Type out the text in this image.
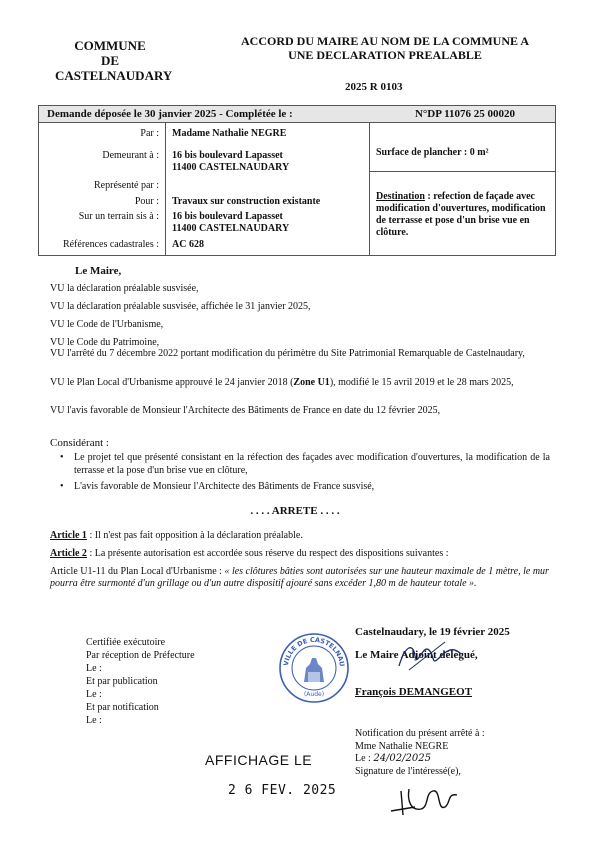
COMMUNE
DE
CASTELNAUDARY
ACCORD DU MAIRE AU NOM DE LA COMMUNE A
UNE DECLARATION PREALABLE
2025 R 0103
Demande déposée le 30 janvier 2025 - Complétée le :	N°DP 11076 25 00020
Par : Madame Nathalie NEGRE
Demeurant à : 16 bis boulevard Lapasset
11400 CASTELNAUDARY
Représenté par :
Pour : Travaux sur construction existante
Sur un terrain sis à : 16 bis boulevard Lapasset
11400 CASTELNAUDARY
Références cadastrales : AC 628
Surface de plancher : 0 m²
Destination : refection de façade avec modification d'ouvertures, modification de terrasse et pose d'un brise vue en clôture.
Le Maire,
VU la déclaration préalable susvisée,
VU la déclaration préalable susvisée, affichée le 31 janvier 2025,
VU le Code de l'Urbanisme,
VU le Code du Patrimoine,
VU l'arrêté du 7 décembre 2022 portant modification du périmètre du Site Patrimonial Remarquable de Castelnaudary,
VU le Plan Local d'Urbanisme approuvé le 24 janvier 2018 (Zone U1), modifié le 15 avril 2019 et le 28 mars 2025,
VU l'avis favorable de Monsieur l'Architecte des Bâtiments de France en date du 12 février 2025,
Considérant :
• Le projet tel que présenté consistant en la réfection des façades avec modification d'ouvertures, la modification de la terrasse et la pose d'un brise vue en clôture,
• L'avis favorable de Monsieur l'Architecte des Bâtiments de France susvisé,
. . . . ARRETE . . . .
Article 1 : Il n'est pas fait opposition à la déclaration préalable.
Article 2 : La présente autorisation est accordée sous réserve du respect des dispositions suivantes :
Article U1-11 du Plan Local d'Urbanisme : « les clôtures bâties sont autorisées sur une hauteur maximale de 1 mètre, le mur pourra être surmonté d'un grillage ou d'un autre dispositif ajouré sans excéder 1,80 m de hauteur totale ».
Certifiée exécutoire
Par réception de Préfecture
Le :
Et par publication
Le :
Et par notification
Le :
VILLE DE CASTELNAU
(Aude)
Castelnaudary, le 19 février 2025
Le Maire Adjoint délégué,
François DEMANGEOT
Notification du présent arrêté à :
Mme Nathalie NEGRE
Le : 24/02/2025
Signature de l'intéressé(e),
AFFICHAGE LE
2 6 FEV. 2025
